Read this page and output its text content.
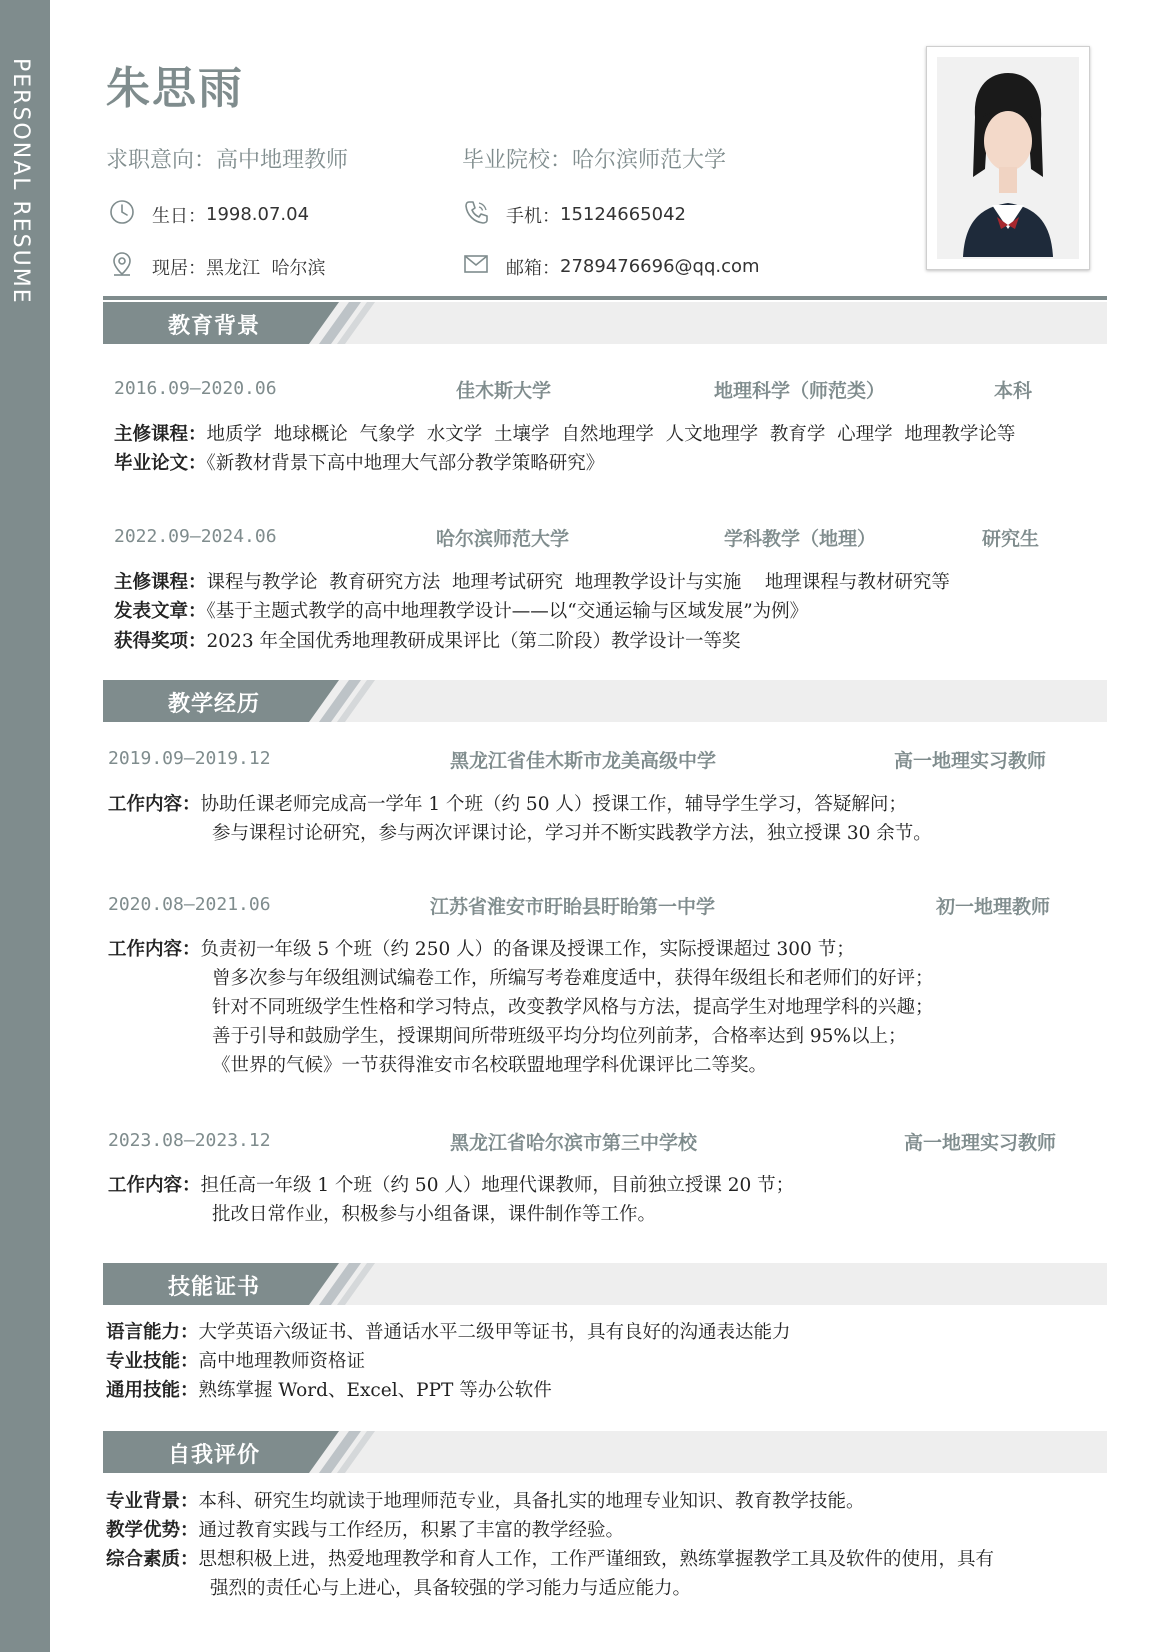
PERSONAL RESUME 朱思雨
求职意向：高中地理教师	毕业院校：哈尔滨师范大学
生日： 1998.07.04	手机： 15124665042
现居： 黑龙江  哈尔滨	邮箱： 2789476696@qq.com
教育背景
2016.09—2020.06	佳木斯大学	地理科学（师范类）	本科
主修课程：地质学  地球概论  气象学  水文学  土壤学  自然地理学  人文地理学  教育学  心理学  地理教学论等
毕业论文：《新教材背景下高中地理大气部分教学策略研究》
2022.09—2024.06	哈尔滨师范大学	学科教学（地理）	研究生
主修课程：课程与教学论  教育研究方法  地理考试研究  地理教学设计与实施    地理课程与教材研究等
发表文章：《基于主题式教学的高中地理教学设计——以“交通运输与区域发展”为例》
获得奖项：2023 年全国优秀地理教研成果评比（第二阶段）教学设计一等奖
教学经历
2019.09—2019.12	黑龙江省佳木斯市龙美高级中学	高一地理实习教师
工作内容：协助任课老师完成高一学年 1 个班（约 50 人）授课工作，辅导学生学习，答疑解问；
参与课程讨论研究，参与两次评课讨论，学习并不断实践教学方法，独立授课 30 余节。
2020.08—2021.06	江苏省淮安市盱眙县盱眙第一中学	初一地理教师
工作内容：负责初一年级 5 个班（约 250 人）的备课及授课工作，实际授课超过 300 节；
曾多次参与年级组测试编卷工作，所编写考卷难度适中，获得年级组长和老师们的好评；
针对不同班级学生性格和学习特点，改变教学风格与方法，提高学生对地理学科的兴趣；
善于引导和鼓励学生，授课期间所带班级平均分均位列前茅，合格率达到 95%以上；
《世界的气候》一节获得淮安市名校联盟地理学科优课评比二等奖。
2023.08—2023.12	黑龙江省哈尔滨市第三中学校	高一地理实习教师
工作内容：担任高一年级 1 个班（约 50 人）地理代课教师，目前独立授课 20 节；
批改日常作业，积极参与小组备课，课件制作等工作。
技能证书
语言能力：大学英语六级证书、普通话水平二级甲等证书，具有良好的沟通表达能力
专业技能：高中地理教师资格证
通用技能：熟练掌握 Word、Excel、PPT 等办公软件
自我评价
专业背景：本科、研究生均就读于地理师范专业，具备扎实的地理专业知识、教育教学技能。
教学优势：通过教育实践与工作经历，积累了丰富的教学经验。
综合素质：思想积极上进，热爱地理教学和育人工作，工作严谨细致，熟练掌握教学工具及软件的使用，具有
强烈的责任心与上进心，具备较强的学习能力与适应能力。
